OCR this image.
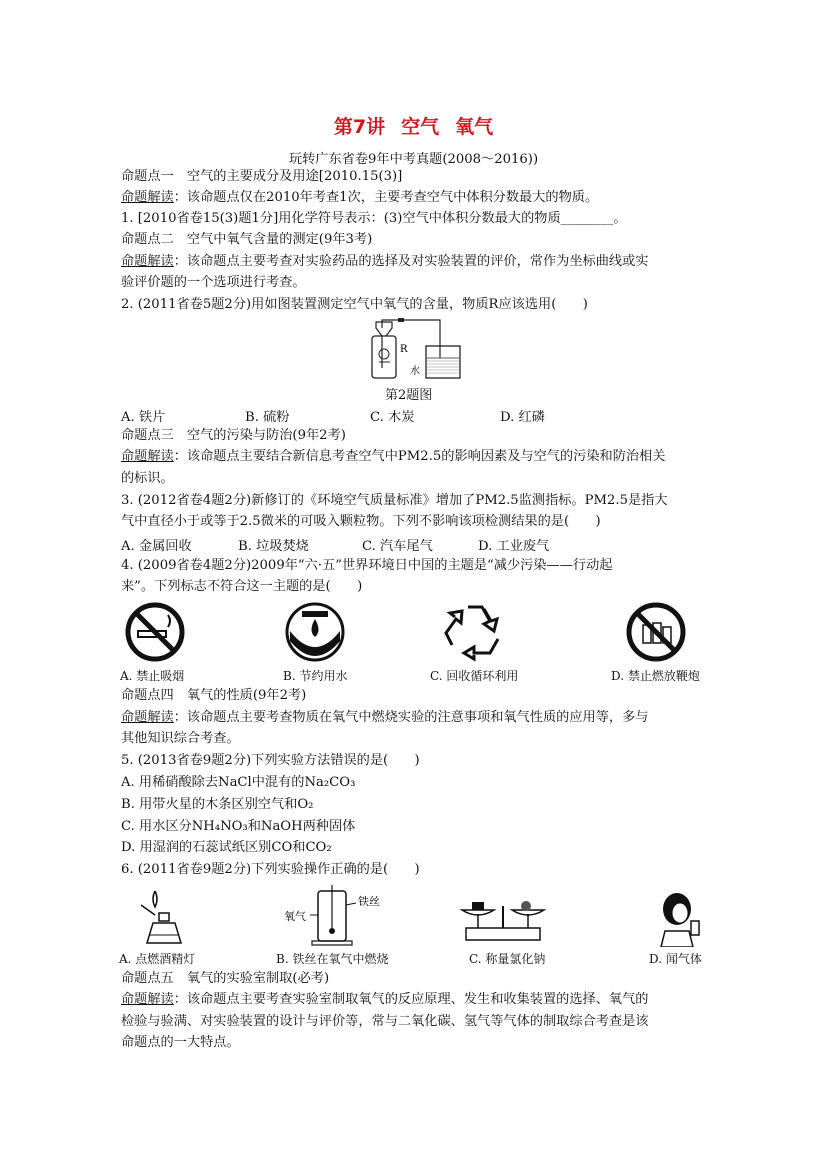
第7讲 空气 氧气
玩转广东省卷9年中考真题(2008～2016))
命题点一　空气的主要成分及用途[2010.15(3)]
命题解读：该命题点仅在2010年考查1次，主要考查空气中体积分数最大的物质。
1. [2010省卷15(3)题1分]用化学符号表示：(3)空气中体积分数最大的物质________。
命题点二　空气中氧气含量的测定(9年3考)
命题解读：该命题点主要考查对实验药品的选择及对实验装置的评价，常作为坐标曲线或实
验评价题的一个选项进行考查。
2. (2011省卷5题2分)用如图装置测定空气中氧气的含量，物质R应该选用(　　)
R
水
第2题图
A. 铁片	B. 硫粉	C. 木炭	D. 红磷
命题点三　空气的污染与防治(9年2考)
命题解读：该命题点主要结合新信息考查空气中PM2.5的影响因素及与空气的污染和防治相关
的标识。
3. (2012省卷4题2分)新修订的《环境空气质量标准》增加了PM2.5监测指标。PM2.5是指大
气中直径小于或等于2.5微米的可吸入颗粒物。下列不影响该项检测结果的是(　　)
A. 金属回收	B. 垃圾焚烧	C. 汽车尾气	D. 工业废气
4. (2009省卷4题2分)2009年“六·五”世界环境日中国的主题是“减少污染——行动起
来”。下列标志不符合这一主题的是(　　)
A. 禁止吸烟	B. 节约用水	C. 回收循环利用	D. 禁止燃放鞭炮
命题点四　氧气的性质(9年2考)
命题解读：该命题点主要考查物质在氧气中燃烧实验的注意事项和氧气性质的应用等，多与
其他知识综合考查。
5. (2013省卷9题2分)下列实验方法错误的是(　　)
A. 用稀硝酸除去NaCl中混有的Na₂CO₃
B. 用带火星的木条区别空气和O₂
C. 用水区分NH₄NO₃和NaOH两种固体
D. 用湿润的石蕊试纸区别CO和CO₂
6. (2011省卷9题2分)下列实验操作正确的是(　　)
氧气
铁丝
A. 点燃酒精灯	B. 铁丝在氧气中燃烧	C. 称量氯化钠	D. 闻气体
命题点五　氧气的实验室制取(必考)
命题解读：该命题点主要考查实验室制取氧气的反应原理、发生和收集装置的选择、氧气的
检验与验满、对实验装置的设计与评价等，常与二氧化碳、氢气等气体的制取综合考查是该
命题点的一大特点。
